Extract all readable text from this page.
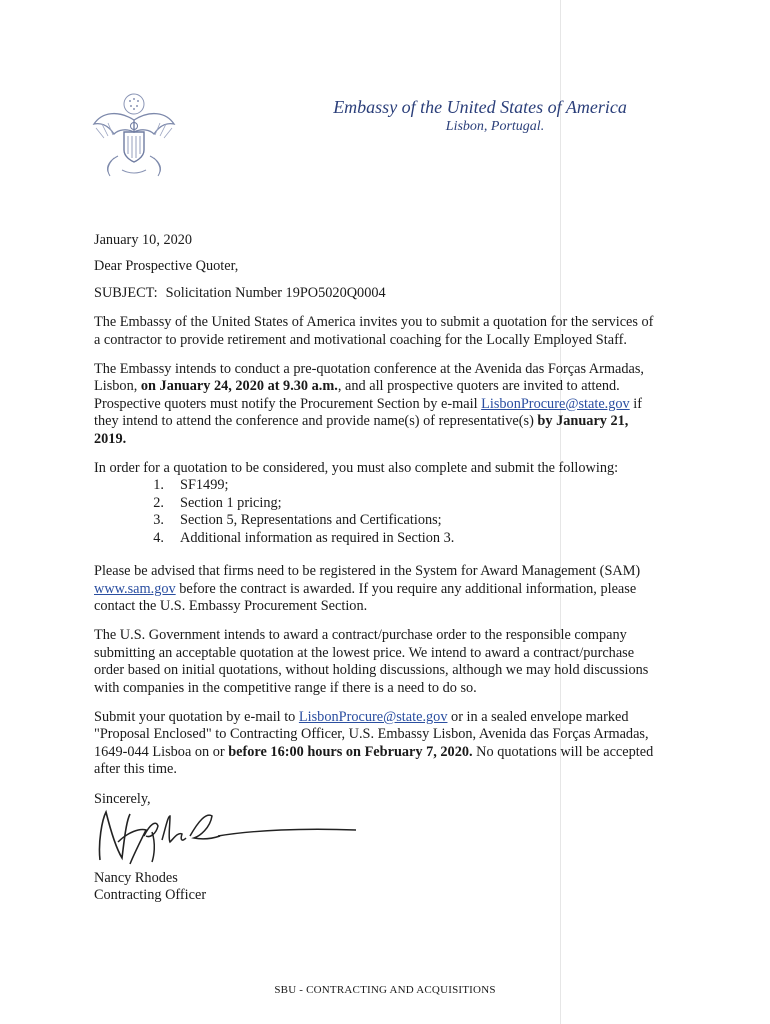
Embassy of the United States of America
Lisbon, Portugal.

January 10, 2020

Dear Prospective Quoter,

SUBJECT: Solicitation Number 19PO5020Q0004

The Embassy of the United States of America invites you to submit a quotation for the services of a contractor to provide retirement and motivational coaching for the Locally Employed Staff.

The Embassy intends to conduct a pre-quotation conference at the Avenida das Forças Armadas, Lisbon, on January 24, 2020 at 9.30 a.m., and all prospective quoters are invited to attend. Prospective quoters must notify the Procurement Section by e-mail LisbonProcure@state.gov if they intend to attend the conference and provide name(s) of representative(s) by January 21, 2019.

In order for a quotation to be considered, you must also complete and submit the following:

1.	SF1499;
2.	Section 1 pricing;
3.	Section 5, Representations and Certifications;
4.	Additional information as required in Section 3.

Please be advised that firms need to be registered in the System for Award Management (SAM) www.sam.gov before the contract is awarded. If you require any additional information, please contact the U.S. Embassy Procurement Section.

The U.S. Government intends to award a contract/purchase order to the responsible company submitting an acceptable quotation at the lowest price. We intend to award a contract/purchase order based on initial quotations, without holding discussions, although we may hold discussions with companies in the competitive range if there is a need to do so.

Submit your quotation by e-mail to LisbonProcure@state.gov or in a sealed envelope marked "Proposal Enclosed" to Contracting Officer, U.S. Embassy Lisbon, Avenida das Forças Armadas, 1649-044 Lisboa on or before 16:00 hours on February 7, 2020. No quotations will be accepted after this time.

Sincerely,

Nancy Rhodes

Contracting Officer

SBU - CONTRACTING AND ACQUISITIONS
